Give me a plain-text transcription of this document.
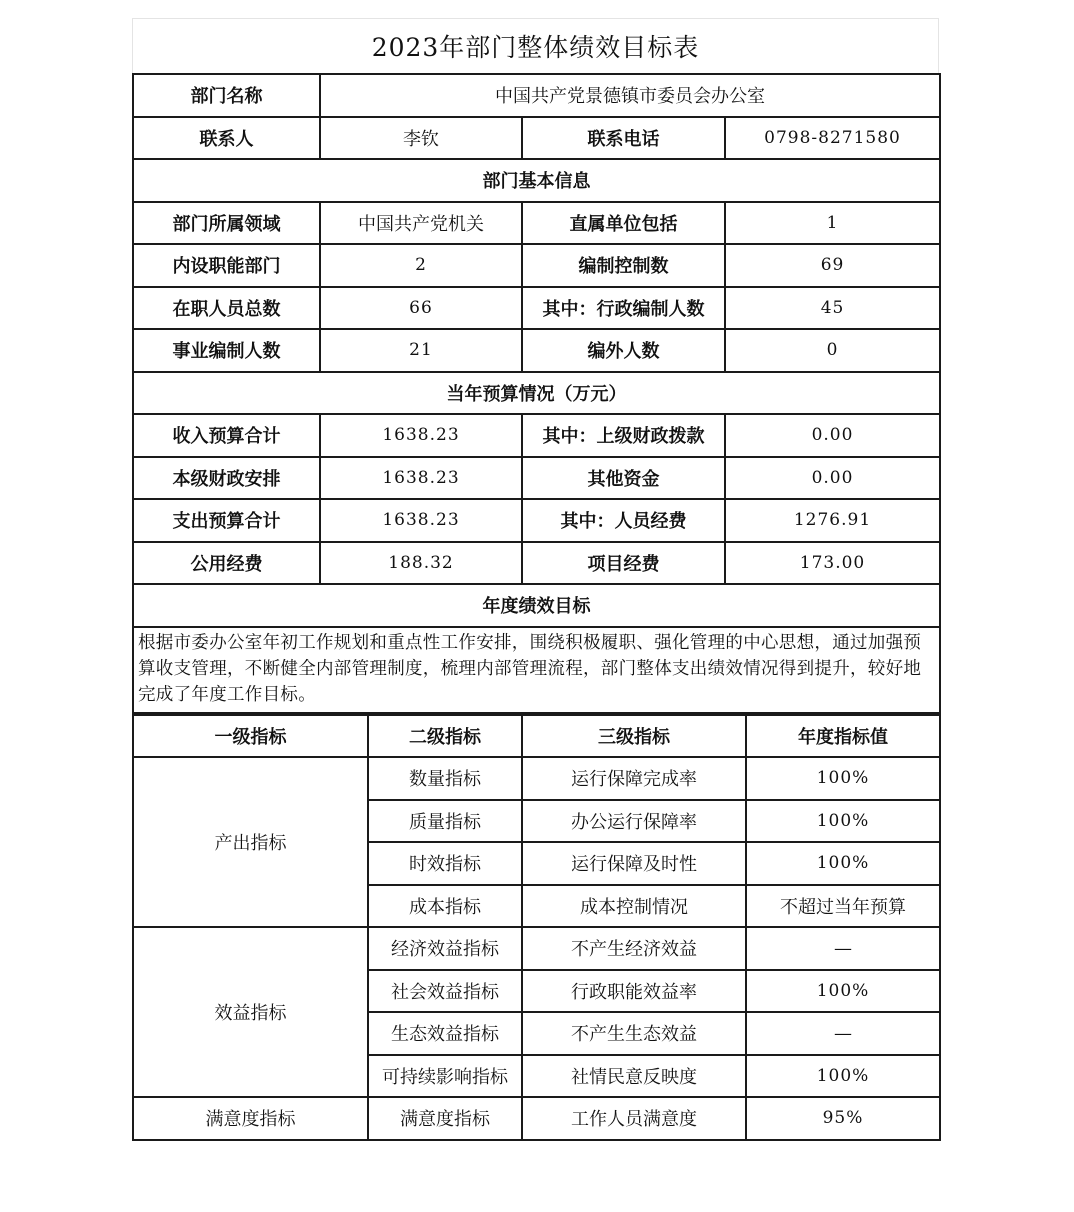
2023年部门整体绩效目标表
部门名称	中国共产党景德镇市委员会办公室		
联系人	李钦	联系电话	0798-8271580
部门基本信息			
部门所属领域	中国共产党机关	直属单位包括	1
内设职能部门	2	编制控制数	69
在职人员总数	66	其中：行政编制人数	45
事业编制人数	21	编外人数	0
当年预算情况（万元）			
收入预算合计	1638.23	其中：上级财政拨款	0.00
本级财政安排	1638.23	其他资金	0.00
支出预算合计	1638.23	其中：人员经费	1276.91
公用经费	188.32	项目经费	173.00
年度绩效目标			
根据市委办公室年初工作规划和重点性工作安排，围绕积极履职、强化管理的中心思想，通过加强预算收支管理，不断健全内部管理制度，梳理内部管理流程，部门整体支出绩效情况得到提升，较好地完成了年度工作目标。			
一级指标	二级指标	三级指标	年度指标值
产出指标	数量指标	运行保障完成率	100%
	质量指标	办公运行保障率	100%
	时效指标	运行保障及时性	100%
	成本指标	成本控制情况	不超过当年预算
效益指标	经济效益指标	不产生经济效益	—
	社会效益指标	行政职能效益率	100%
	生态效益指标	不产生生态效益	—
	可持续影响指标	社情民意反映度	100%
满意度指标	满意度指标	工作人员满意度	95%
